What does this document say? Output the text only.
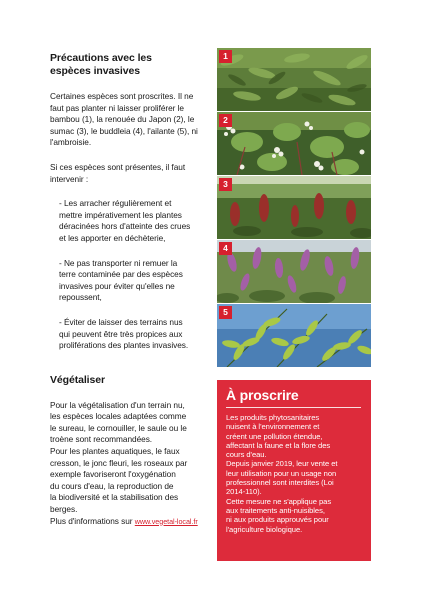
Précautions avec les
espèces invasives
Certaines espèces sont proscrites. Il ne
faut pas planter ni laisser proliférer le
bambou (1), la renouée du Japon (2), le
sumac (3), le buddleia (4), l'ailante (5), ni
l'ambroisie.
Si ces espèces sont présentes, il faut
intervenir :
- Les arracher régulièrement et
mettre impérativement les plantes
déracinées hors d'atteinte des crues
et les apporter en déchèterie,
- Ne pas transporter ni remuer la
terre contaminée par des espèces
invasives pour éviter qu'elles ne
repoussent,
- Éviter de laisser des terrains nus
qui peuvent être très propices aux
proliférations des plantes invasives.
Végétaliser
Pour la végétalisation d'un terrain nu,
les espèces locales adaptées comme
le sureau, le cornouiller, le saule ou le
troène sont recommandées.
Pour les plantes aquatiques, le faux
cresson, le jonc fleuri, les roseaux par
exemple favoriseront l'oxygénation
du cours d'eau, la reproduction de
la biodiversité et la stabilisation des
berges.
Plus d'informations sur www.vegetal-local.fr
1
2
3
4
5
À proscrire
Les produits phytosanitaires
nuisent à l'environnement et
créent une pollution étendue,
affectant la faune et la flore des
cours d'eau.
Depuis janvier 2019, leur vente et
leur utilisation pour un usage non
professionnel sont interdites (Loi
2014-110).
Cette mesure ne s'applique pas
aux traitements anti-nuisibles,
ni aux produits approuvés pour
l'agriculture biologique.
